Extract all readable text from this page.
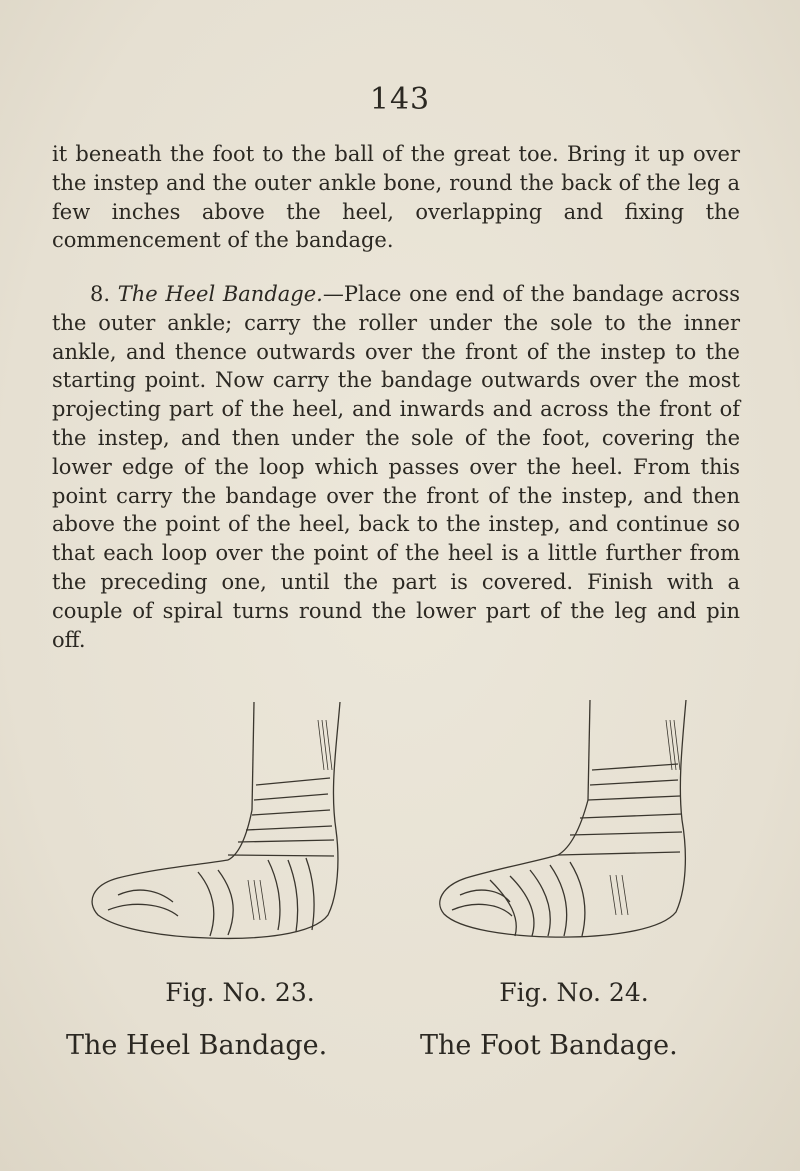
143

it beneath the foot to the ball of the great toe. Bring it up over the instep and the outer ankle bone, round the back of the leg a few inches above the heel, overlapping and fixing the commencement of the bandage.

8. The Heel Bandage.—Place one end of the bandage across the outer ankle; carry the roller under the sole to the inner ankle, and thence outwards over the front of the instep to the starting point. Now carry the bandage outwards over the most projecting part of the heel, and inwards and across the front of the instep, and then under the sole of the foot, covering the lower edge of the loop which passes over the heel. From this point carry the bandage over the front of the instep, and then above the point of the heel, back to the instep, and continue so that each loop over the point of the heel is a little further from the preceding one, until the part is covered. Finish with a couple of spiral turns round the lower part of the leg and pin off.

Fig. No. 23.	Fig. No. 24.
The Heel Bandage.	The Foot Bandage.
